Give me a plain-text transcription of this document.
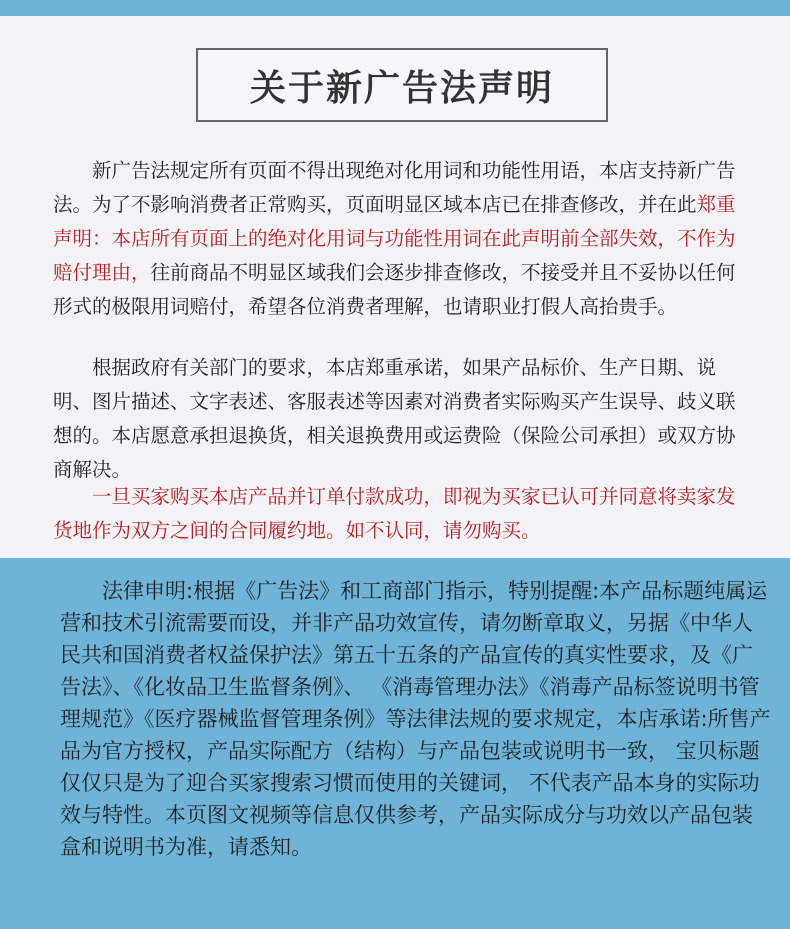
关于新广告法声明

新广告法规定所有页面不得出现绝对化用词和功能性用语，本店支持新广告法。为了不影响消费者正常购买，页面明显区域本店已在排查修改，并在此郑重声明：本店所有页面上的绝对化用词与功能性用词在此声明前全部失效，不作为赔付理由，往前商品不明显区域我们会逐步排查修改，不接受并且不妥协以任何形式的极限用词赔付，希望各位消费者理解，也请职业打假人高抬贵手。

根据政府有关部门的要求，本店郑重承诺，如果产品标价、生产日期、说明、图片描述、文字表述、客服表述等因素对消费者实际购买产生误导、歧义联想的。本店愿意承担退换货，相关退换费用或运费险（保险公司承担）或双方协商解决。

一旦买家购买本店产品并订单付款成功，即视为买家已认可并同意将卖家发货地作为双方之间的合同履约地。如不认同，请勿购买。

法律申明:根据《广告法》和工商部门指示，特别提醒:本产品标题纯属运营和技术引流需要而设，并非产品功效宣传，请勿断章取义，另据《中华人民共和国消费者权益保护法》第五十五条的产品宣传的真实性要求，及《广告法》、《化妆品卫生监督条例》、 《消毒管理办法》《消毒产品标签说明书管理规范》《医疗器械监督管理条例》等法律法规的要求规定，本店承诺:所售产品为官方授权，产品实际配方（结构）与产品包装或说明书一致， 宝贝标题仅仅只是为了迎合买家搜索习惯而使用的关键词， 不代表产品本身的实际功效与特性。本页图文视频等信息仅供参考，产品实际成分与功效以产品包装盒和说明书为准，请悉知。
